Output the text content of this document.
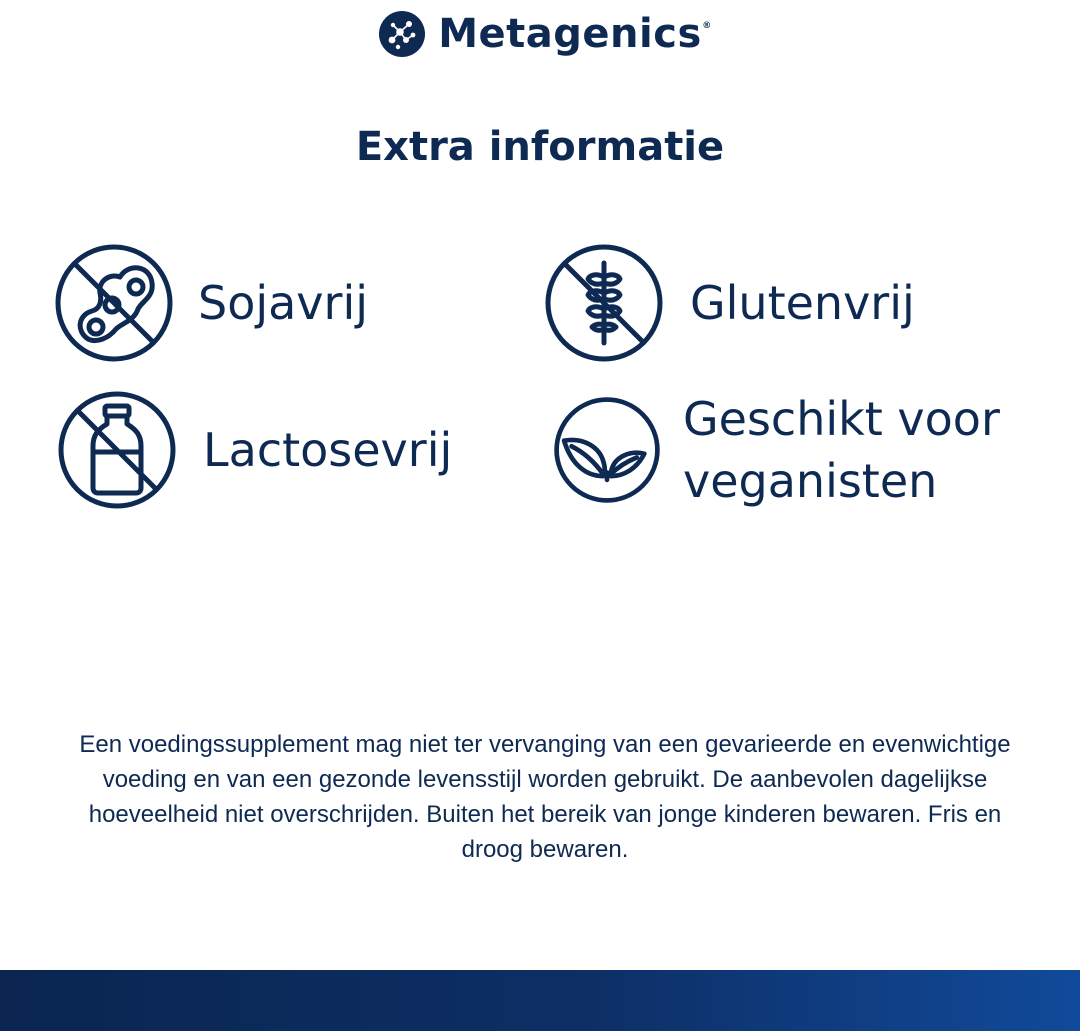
Metagenics ®
Extra informatie
Sojavrij	Glutenvrij
Lactosevrij
Geschikt voor veganisten
Een voedingssupplement mag niet ter vervanging van een gevarieerde en evenwichtige voeding en van een gezonde levensstijl worden gebruikt. De aanbevolen dagelijkse hoeveelheid niet overschrijden. Buiten het bereik van jonge kinderen bewaren. Fris en droog bewaren.
